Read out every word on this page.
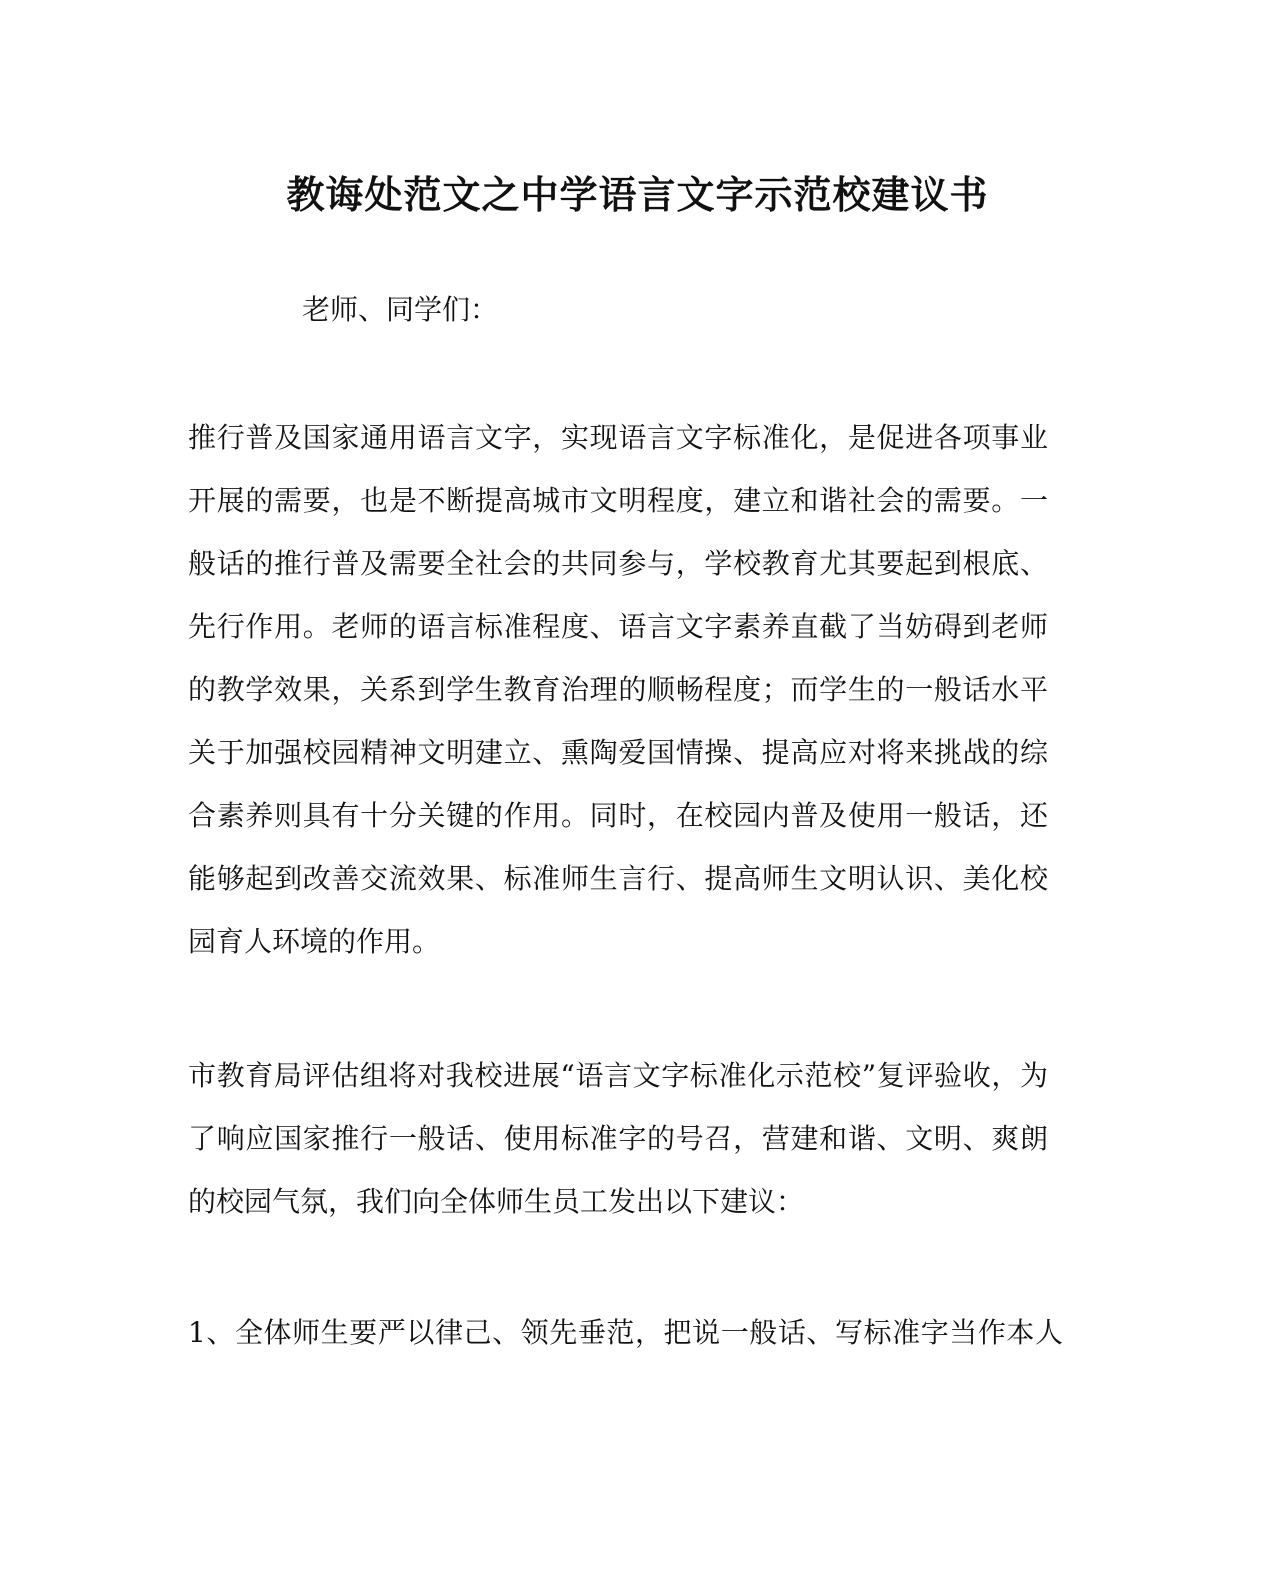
教诲处范文之中学语言文字示范校建议书
老师、同学们：
推行普及国家通用语言文字，实现语言文字标准化，是促进各项事业
开展的需要，也是不断提高城市文明程度，建立和谐社会的需要。一
般话的推行普及需要全社会的共同参与，学校教育尤其要起到根底、
先行作用。老师的语言标准程度、语言文字素养直截了当妨碍到老师
的教学效果，关系到学生教育治理的顺畅程度；而学生的一般话水平
关于加强校园精神文明建立、熏陶爱国情操、提高应对将来挑战的综
合素养则具有十分关键的作用。同时，在校园内普及使用一般话，还
能够起到改善交流效果、标准师生言行、提高师生文明认识、美化校
园育人环境的作用。
市教育局评估组将对我校进展“语言文字标准化示范校”复评验收，为
了响应国家推行一般话、使用标准字的号召，营建和谐、文明、爽朗
的校园气氛，我们向全体师生员工发出以下建议：
1、全体师生要严以律己、领先垂范，把说一般话、写标准字当作本人
